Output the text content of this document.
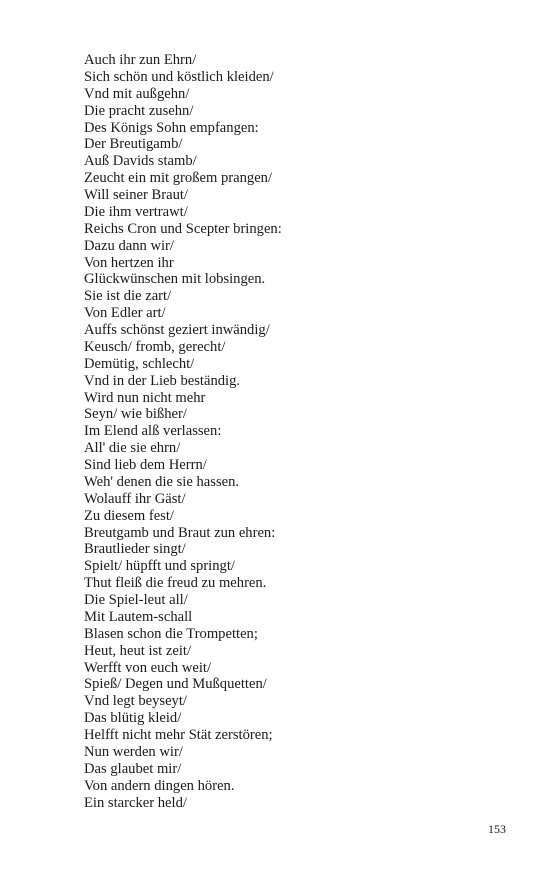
Auch ihr zun Ehrn/
Sich schön und köstlich kleiden/
Vnd mit außgehn/
Die pracht zusehn/
Des Königs Sohn empfangen:
Der Breutigamb/
Auß Davids stamb/
Zeucht ein mit großem prangen/
Will seiner Braut/
Die ihm vertrawt/
Reichs Cron und Scepter bringen:
Dazu dann wir/
Von hertzen ihr
Glückwünschen mit lobsingen.
Sie ist die zart/
Von Edler art/
Auffs schönst geziert inwändig/
Keusch/ fromb, gerecht/
Demütig, schlecht/
Vnd in der Lieb beständig.
Wird nun nicht mehr
Seyn/ wie bißher/
Im Elend alß verlassen:
All' die sie ehrn/
Sind lieb dem Herrn/
Weh' denen die sie hassen.
Wolauff ihr Gäst/
Zu diesem fest/
Breutgamb und Braut zun ehren:
Brautlieder singt/
Spielt/ hüpfft und springt/
Thut fleiß die freud zu mehren.
Die Spiel-leut all/
Mit Lautem-schall
Blasen schon die Trompetten;
Heut, heut ist zeit/
Werfft von euch weit/
Spieß/ Degen und Mußquetten/
Vnd legt beyseyt/
Das blütig kleid/
Helfft nicht mehr Stät zerstören;
Nun werden wir/
Das glaubet mir/
Von andern dingen hören.
Ein starcker held/
153
